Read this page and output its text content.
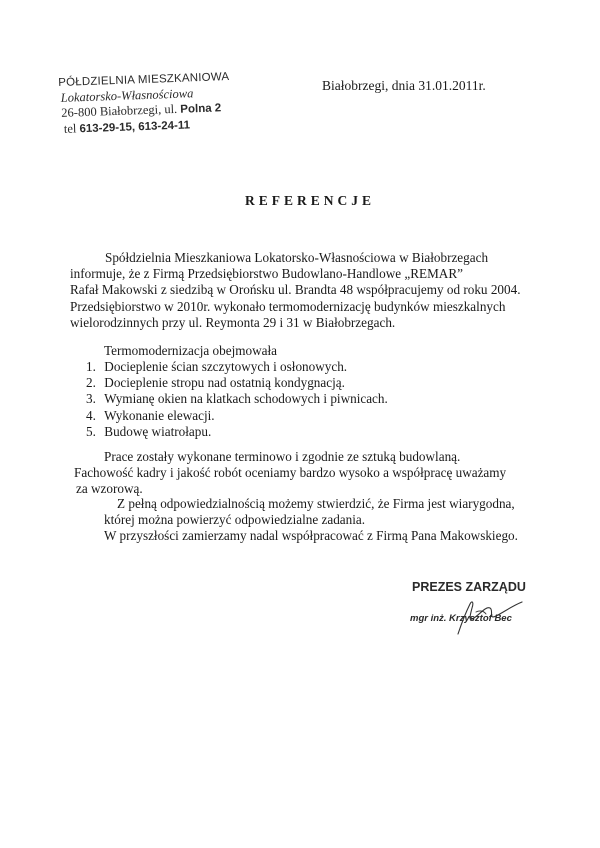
PÓŁDZIELNIA MIESZKANIOWA
Lokatorsko-Własnościowa
26-800 Białobrzegi, ul. Polna 2
tel 613-29-15, 613-24-11
Białobrzegi, dnia 31.01.2011r.
REFERENCJE
Spółdzielnia Mieszkaniowa Lokatorsko-Własnościowa w Białobrzegach
informuje, że z Firmą Przedsiębiorstwo Budowlano-Handlowe „REMAR”
Rafał Makowski z siedzibą w Orońsku ul. Brandta 48 współpracujemy od roku 2004.
Przedsiębiorstwo w 2010r. wykonało termomodernizację budynków mieszkalnych
wielorodzinnych przy ul. Reymonta 29 i 31 w Białobrzegach.
Termomodernizacja obejmowała
1. Docieplenie ścian szczytowych i osłonowych.
2. Docieplenie stropu nad ostatnią kondygnacją.
3. Wymianę okien na klatkach schodowych i piwnicach.
4. Wykonanie elewacji.
5. Budowę wiatrołapu.
Prace zostały wykonane terminowo i zgodnie ze sztuką budowlaną.
Fachowość kadry i jakość robót oceniamy bardzo wysoko a współpracę uważamy
za wzorową.
Z pełną odpowiedzialnością możemy stwierdzić, że Firma jest wiarygodna,
której można powierzyć odpowiedzialne zadania.
W przyszłości zamierzamy nadal współpracować z Firmą Pana Makowskiego.
PREZES ZARZĄDU
mgr inż. Krzysztof Bec
